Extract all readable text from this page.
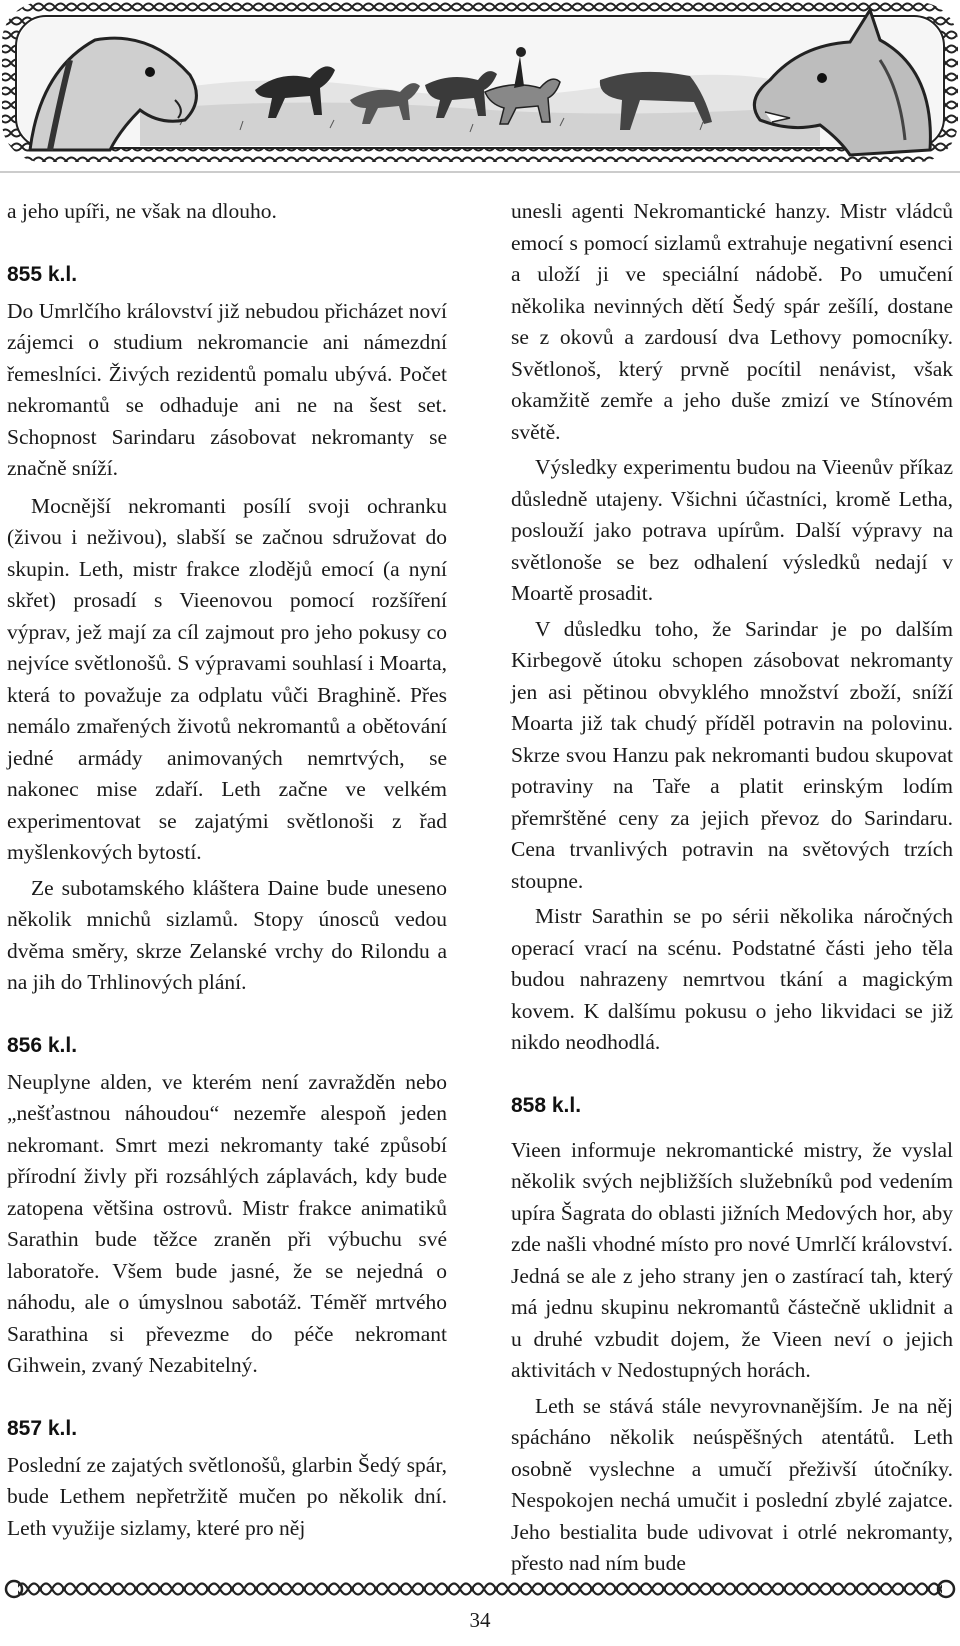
a jeho upíři, ne však na dlouho.

855 k.l.

Do Umrlčího království již nebudou přicházet noví zájemci o studium nekromancie ani námezdní řemeslníci. Živých rezidentů pomalu ubývá. Počet nekromantů se odhaduje ani ne na šest set. Schopnost Sarindaru zásobovat nekromanty se značně sníží.

Mocnější nekromanti posílí svoji ochranku (živou i neživou), slabší se začnou sdružovat do skupin. Leth, mistr frakce zlodějů emocí (a nyní skřet) prosadí s Vieenovou pomocí rozšíření výprav, jež mají za cíl zajmout pro jeho pokusy co nejvíce světlonošů. S výpravami souhlasí i Moarta, která to považuje za odplatu vůči Braghině. Přes nemálo zmařených životů nekromantů a obětování jedné armády animovaných nemrtvých, se nakonec mise zdaří. Leth začne ve velkém experimentovat se zajatými světlonoši z řad myšlenkových bytostí.

Ze subotamského kláštera Daine bude uneseno několik mnichů sizlamů. Stopy únosců vedou dvěma směry, skrze Zelanské vrchy do Rilondu a na jih do Trhlinových plání.

856 k.l.

Neuplyne alden, ve kterém není zavražděn nebo „nešťastnou náhoudou“ nezemře alespoň jeden nekromant. Smrt mezi nekromanty také způsobí přírodní živly při rozsáhlých záplavách, kdy bude zatopena většina ostrovů. Mistr frakce animatiků Sarathin bude těžce zraněn při výbuchu své laboratoře. Všem bude jasné, že se nejedná o náhodu, ale o úmyslnou sabotáž. Téměř mrtvého Sarathina si převezme do péče nekromant Gihwein, zvaný Nezabitelný.

857 k.l.

Poslední ze zajatých světlonošů, glarbin Šedý spár, bude Lethem nepřetržitě mučen po několik dní. Leth využije sizlamy, které pro něj

unesli agenti Nekromantické hanzy. Mistr vládců emocí s pomocí sizlamů extrahuje negativní esenci a uloží ji ve speciální nádobě. Po umučení několika nevinných dětí Šedý spár zešílí, dostane se z okovů a zardousí dva Lethovy pomocníky. Světlonoš, který prvně pocítil nenávist, však okamžitě zemře a jeho duše zmizí ve Stínovém světě.

Výsledky experimentu budou na Vieenův příkaz důsledně utajeny. Všichni účastníci, kromě Letha, poslouží jako potrava upírům. Další výpravy na světlonoše se bez odhalení výsledků nedají v Moartě prosadit.

V důsledku toho, že Sarindar je po dalším Kirbegově útoku schopen zásobovat nekromanty jen asi pětinou obvyklého množství zboží, sníží Moarta již tak chudý příděl potravin na polovinu. Skrze svou Hanzu pak nekromanti budou skupovat potraviny na Taře a platit erinským lodím přemrštěné ceny za jejich převoz do Sarindaru. Cena trvanlivých potravin na světových trzích stoupne.

Mistr Sarathin se po sérii několika náročných operací vrací na scénu. Podstatné části jeho těla budou nahrazeny nemrtvou tkání a magickým kovem. K dalšímu pokusu o jeho likvidaci se již nikdo neodhodlá.

858 k.l.

Vieen informuje nekromantické mistry, že vyslal několik svých nejbližších služebníků pod vedením upíra Šagrata do oblasti jižních Medových hor, aby zde našli vhodné místo pro nové Umrlčí království. Jedná se ale z jeho strany jen o zastírací tah, který má jednu skupinu nekromantů částečně uklidnit a u druhé vzbudit dojem, že Vieen neví o jejich aktivitách v Nedostupných horách.

Leth se stává stále nevyrovnanějším. Je na něj spácháno několik neúspěšných atentátů. Leth osobně vyslechne a umučí přeživší útočníky. Nespokojen nechá umučit i poslední zbylé zajatce. Jeho bestialita bude udivovat i otrlé nekromanty, přesto nad ním bude

34
